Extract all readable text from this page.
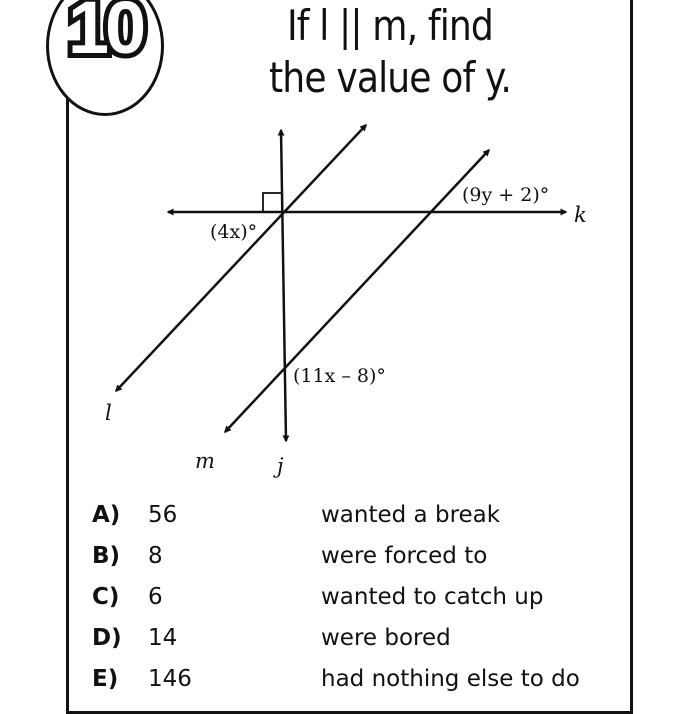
10	If l || m, find
the value of y.
(9y + 2)°
(4x)°
(11x – 8)°
k
l
m	j
A) 56	wanted a break
B) 8	were forced to
C) 6	wanted to catch up
D) 14	were bored
E) 146	had nothing else to do
